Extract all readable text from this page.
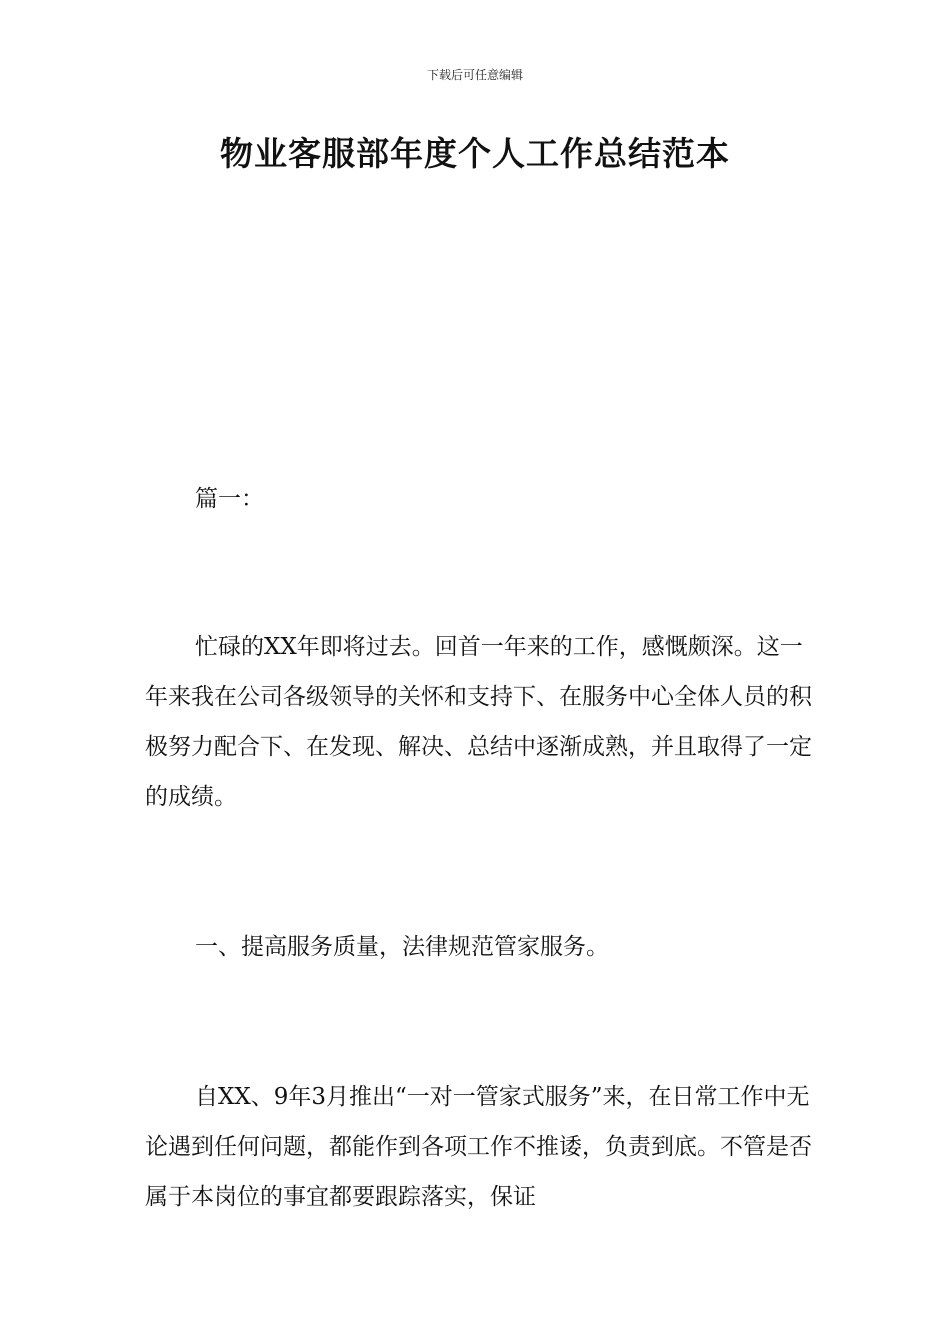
下载后可任意编辑
物业客服部年度个人工作总结范本

篇一：

忙碌的XX年即将过去。回首一年来的工作，感慨颇深。这一年来我在公司各级领导的关怀和支持下、在服务中心全体人员的积极努力配合下、在发现、解决、总结中逐渐成熟，并且取得了一定的成绩。

一、提高服务质量，法律规范管家服务。

自XX、9年3月推出“一对一管家式服务”来，在日常工作中无论遇到任何问题，都能作到各项工作不推诿，负责到底。不管是否属于本岗位的事宜都要跟踪落实，保证
